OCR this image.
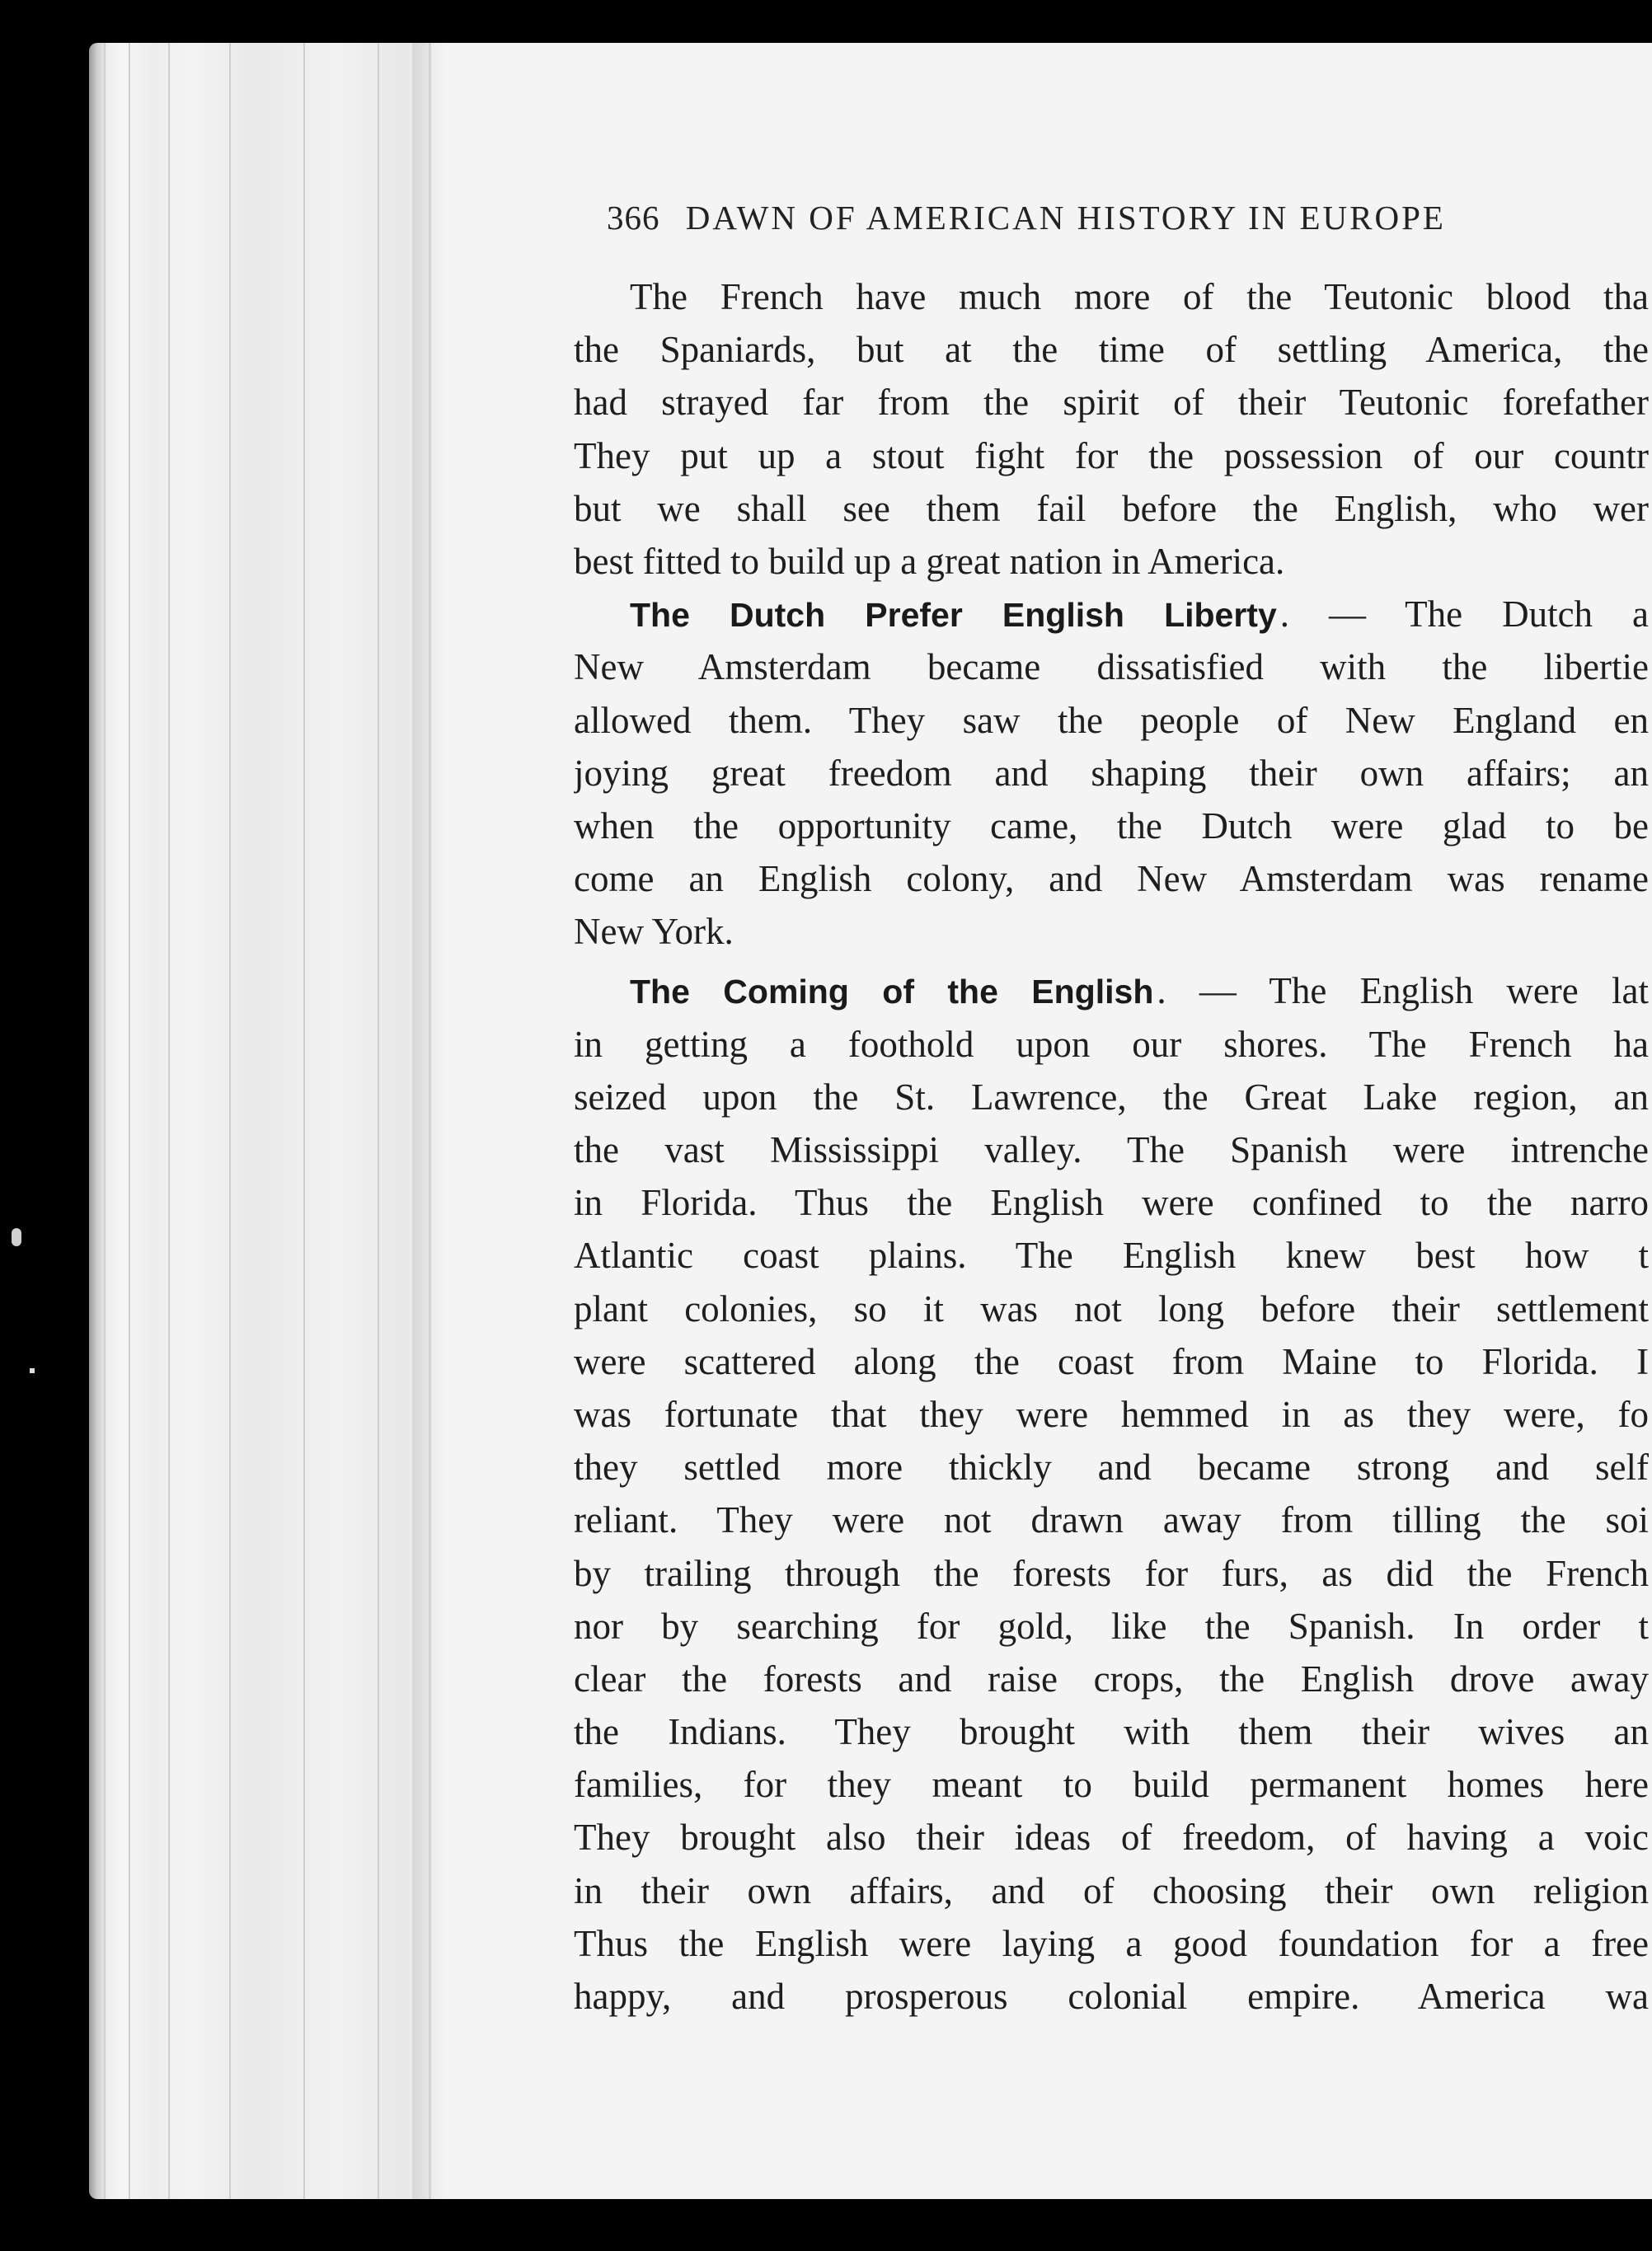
366 DAWN OF AMERICAN HISTORY IN EUROPE
The French have much more of the Teutonic blood tha
the Spaniards, but at the time of settling America, the
had strayed far from the spirit of their Teutonic forefather
They put up a stout fight for the possession of our countr
but we shall see them fail before the English, who wer
best fitted to build up a great nation in America.
The Dutch Prefer English Liberty. — The Dutch a
New Amsterdam became dissatisfied with the libertie
allowed them. They saw the people of New England en
joying great freedom and shaping their own affairs; an
when the opportunity came, the Dutch were glad to be
come an English colony, and New Amsterdam was rename
New York.
The Coming of the English. — The English were lat
in getting a foothold upon our shores. The French ha
seized upon the St. Lawrence, the Great Lake region, an
the vast Mississippi valley. The Spanish were intrenche
in Florida. Thus the English were confined to the narro
Atlantic coast plains. The English knew best how t
plant colonies, so it was not long before their settlement
were scattered along the coast from Maine to Florida. I
was fortunate that they were hemmed in as they were, fo
they settled more thickly and became strong and self
reliant. They were not drawn away from tilling the soi
by trailing through the forests for furs, as did the French
nor by searching for gold, like the Spanish. In order t
clear the forests and raise crops, the English drove away
the Indians. They brought with them their wives an
families, for they meant to build permanent homes here
They brought also their ideas of freedom, of having a voic
in their own affairs, and of choosing their own religion
Thus the English were laying a good foundation for a free
happy, and prosperous colonial empire. America wa
